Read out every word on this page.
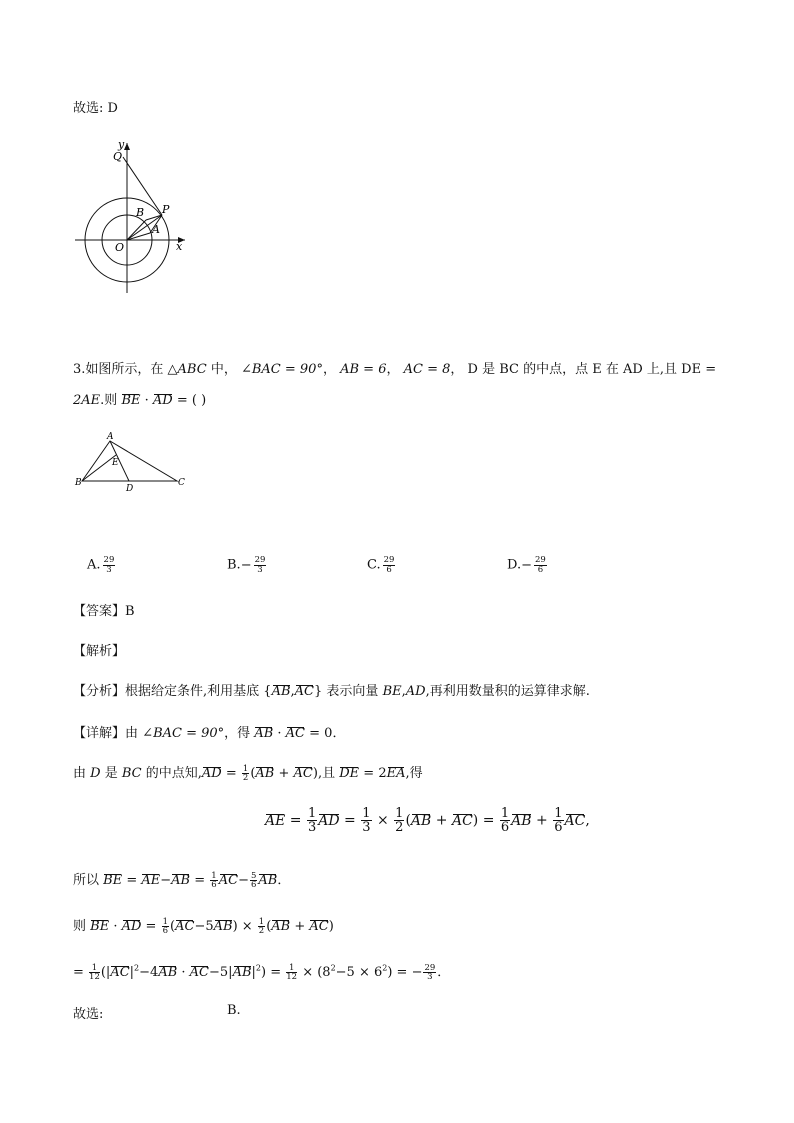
故选: D
y
Q
B P
A
O	x
3.如图所示，在 △ABC 中， ∠BAC = 90°， AB = 6， AC = 8， D 是 BC 的中点，点 E 在 AD 上,且 DE =
2AE.则 BE · AD = ( )
A
E
B
D
C
A. $\frac{29}{3}$	$B.- \frac{29}{3}$	C. $\frac{29}{6}$	$D.- \frac{29}{6}$
【答案】B
【解析】
【分析】根据给定条件,利用基底 {AB,AC} 表示向量 BE,AD,再利用数量积的运算律求解.
【详解】由 ∠BAC = 90°，得 AB · AC = 0．
由 D 是 BC 的中点知$,AD = \frac{1}{2} (AB + AC)$,且 DE = 2EA,得
AE = $\frac{1}{3}$ AD = $\frac{1}{3} \times \frac{1}{2} (AB + AC) = \frac{1}{6}$ AB + $\frac{1}{6}$ AC,
所以 BE = $AE-AB = \frac{1}{6} AC- \frac{5}{6}$ AB．
则 BE · AD = $\frac{1}{6} (AC-5AB) \times \frac{1}{2} (AB + AC)$
= $\frac{1}{12} (|AC|^2-4AB \cdot AC-5|AB|^2) = \frac{1}{12} \times (8^2-5 \times 6^2)$ = − $\frac{29}{3}$ ．
故选:	B.
